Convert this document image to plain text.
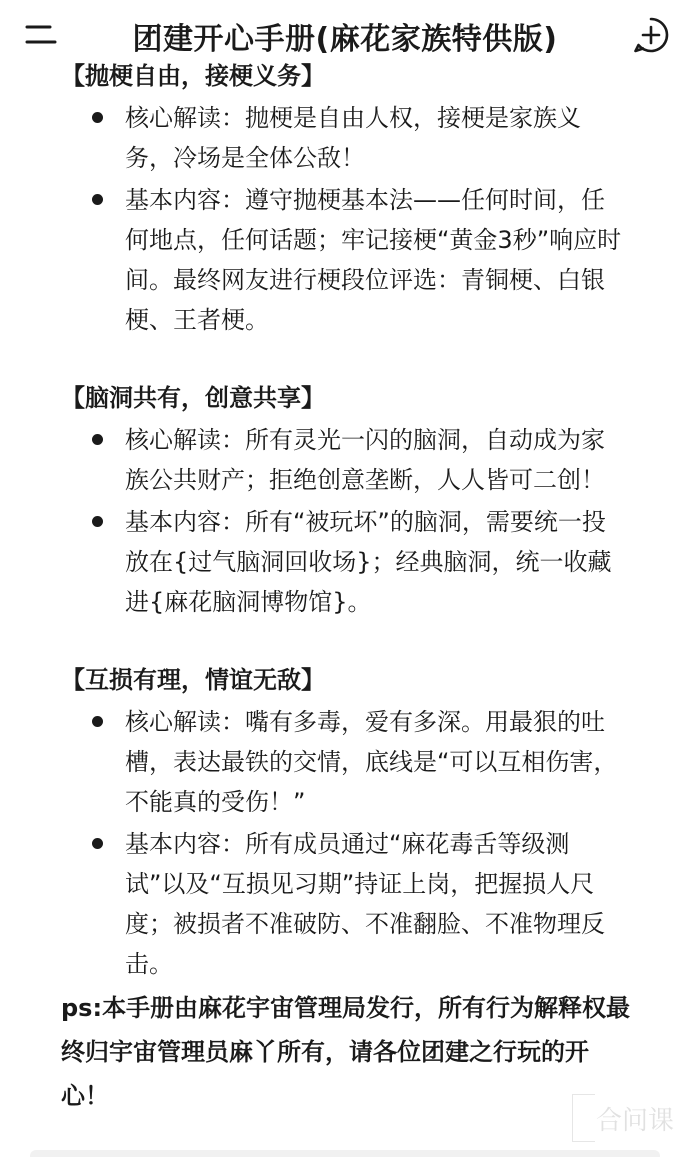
团建开心手册(麻花家族特供版)
【抛梗自由，接梗义务】
核心解读：抛梗是自由人权，接梗是家族义务，冷场是全体公敌！
基本内容：遵守抛梗基本法——任何时间，任何地点，任何话题；牢记接梗“黄金3秒”响应时间。最终网友进行梗段位评选：青铜梗、白银梗、王者梗。
【脑洞共有，创意共享】
核心解读：所有灵光一闪的脑洞，自动成为家族公共财产；拒绝创意垄断，人人皆可二创！
基本内容：所有“被玩坏”的脑洞，需要统一投放在{过气脑洞回收场}；经典脑洞，统一收藏进{麻花脑洞博物馆}。
【互损有理，情谊无敌】
核心解读：嘴有多毒，爱有多深。用最狠的吐槽，表达最铁的交情，底线是“可以互相伤害，不能真的受伤！”
基本内容：所有成员通过“麻花毒舌等级测试”以及“互损见习期”持证上岗，把握损人尺度；被损者不准破防、不准翻脸、不准物理反击。
ps:本手册由麻花宇宙管理局发行，所有行为解释权最终归宇宙管理员麻丫所有，请各位团建之行玩的开心！
合问课
